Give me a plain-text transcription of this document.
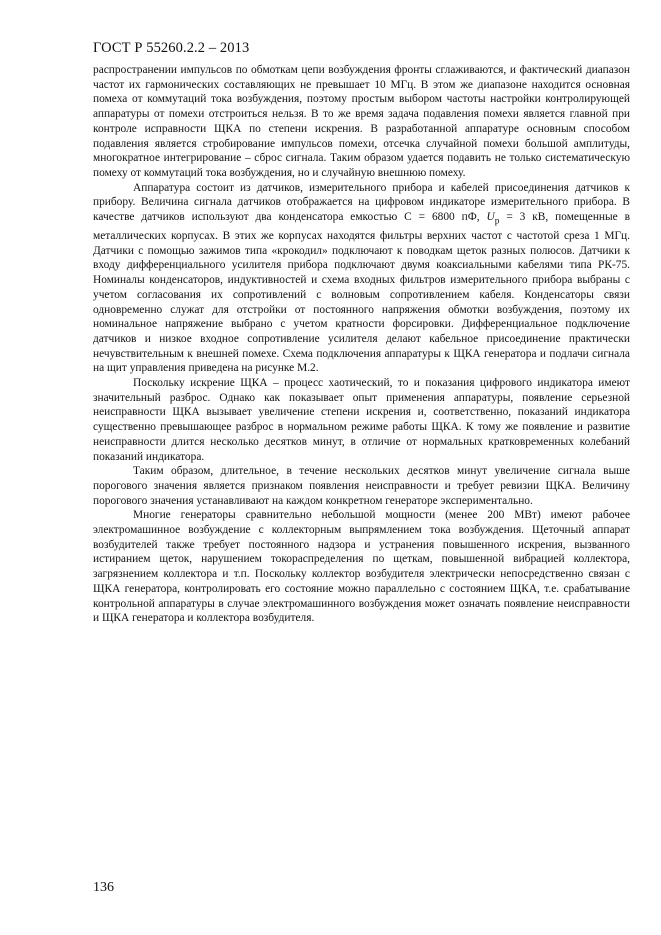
ГОСТ Р 55260.2.2 – 2013

распространении импульсов по обмоткам цепи возбуждения фронты сглаживаются, и фактический диапазон частот их гармонических составляющих не превышает 10 МГц. В этом же диапазоне находится основная помеха от коммутаций тока возбуждения, поэтому простым выбором частоты настройки контролирующей аппаратуры от помехи отстроиться нельзя. В то же время задача подавления помехи является главной при контроле исправности ЩКА по степени искрения. В разработанной аппаратуре основным способом подавления является стробирование импульсов помехи, отсечка случайной помехи большой амплитуды, многократное интегрирование – сброс сигнала. Таким образом удается подавить не только систематическую помеху от коммутаций тока возбуждения, но и случайную внешнюю помеху.

Аппаратура состоит из датчиков, измерительного прибора и кабелей присоединения датчиков к прибору. Величина сигнала датчиков отображается на цифровом индикаторе измерительного прибора. В качестве датчиков используют два конденсатора емкостью С = 6800 пФ, $U_р = 3$ кВ, помещенные в металлических корпусах. В этих же корпусах находятся фильтры верхних частот с частотой среза 1 МГц. Датчики с помощью зажимов типа «крокодил» подключают к поводкам щеток разных полюсов. Датчики к входу дифференциального усилителя прибора подключают двумя коаксиальными кабелями типа РК-75. Номиналы конденсаторов, индуктивностей и схема входных фильтров измерительного прибора выбраны с учетом согласования их сопротивлений с волновым сопротивлением кабеля. Конденсаторы связи одновременно служат для отстройки от постоянного напряжения обмотки возбуждения, поэтому их номинальное напряжение выбрано с учетом кратности форсировки. Дифференциальное подключение датчиков и низкое входное сопротивление усилителя делают кабельное присоединение практически нечувствительным к внешней помехе. Схема подключения аппаратуры к ЩКА генератора и подлачи сигнала на щит управления приведена на рисунке М.2.

Поскольку искрение ЩКА – процесс хаотический, то и показания цифрового индикатора имеют значительный разброс. Однако как показывает опыт применения аппаратуры, появление серьезной неисправности ЩКА вызывает увеличение степени искрения и, соответственно, показаний индикатора существенно превышающее разброс в нормальном режиме работы ЩКА. К тому же появление и развитие неисправности длится несколько десятков минут, в отличие от нормальных кратковременных колебаний показаний индикатора.

Таким образом, длительное, в течение нескольких десятков минут увеличение сигнала выше порогового значения является признаком появления неисправности и требует ревизии ЩКА. Величину порогового значения устанавливают на каждом конкретном генераторе экспериментально.

Многие генераторы сравнительно небольшой мощности (менее 200 МВт) имеют рабочее электромашинное возбуждение с коллекторным выпрямлением тока возбуждения. Щеточный аппарат возбудителей также требует постоянного надзора и устранения повышенного искрения, вызванного истиранием щеток, нарушением токораспределения по щеткам, повышенной вибрацией коллектора, загрязнением коллектора и т.п. Поскольку коллектор возбудителя электрически непосредственно связан с ЩКА генератора, контролировать его состояние можно параллельно с состоянием ЩКА, т.е. срабатывание контрольной аппаратуры в случае электромашинного возбуждения может означать появление неисправности и ЩКА генератора и коллектора возбудителя.

136
